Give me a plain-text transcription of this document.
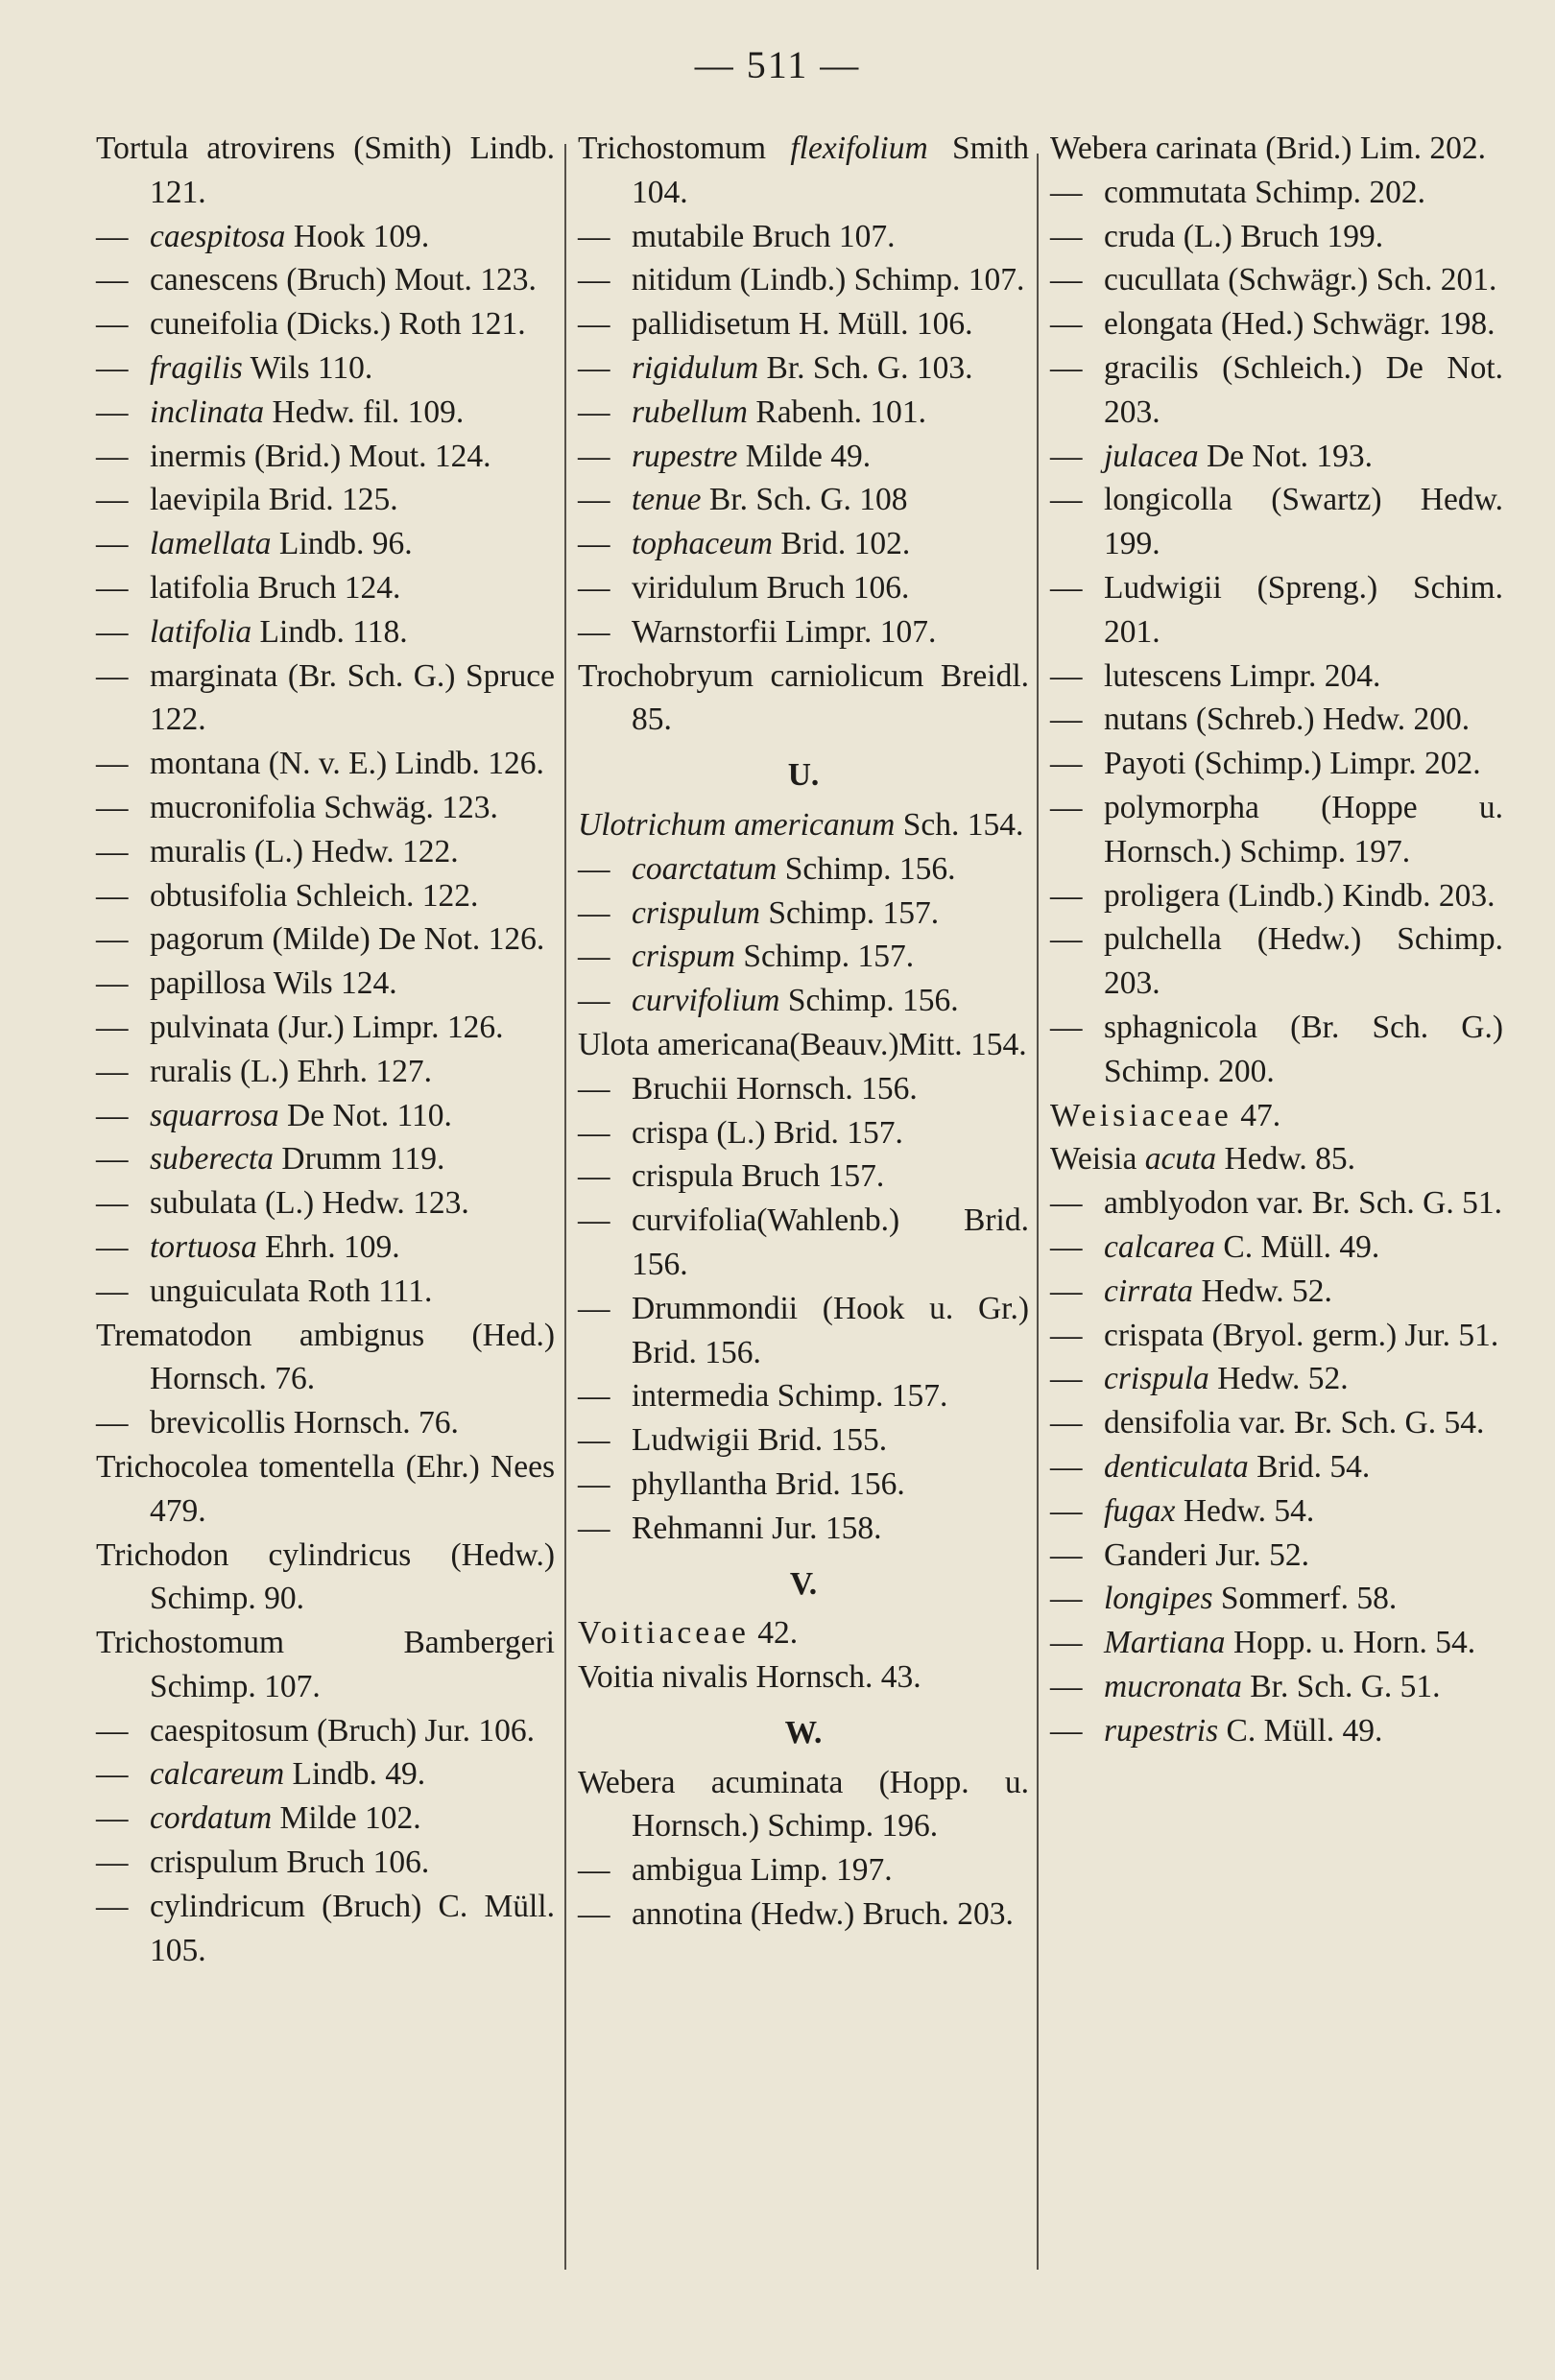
— 511 —
Tortula atrovirens (Smith) Lindb. 121.
— caespitosa Hook 109.
— canescens (Bruch) Mout. 123.
— cuneifolia (Dicks.) Roth 121.
— fragilis Wils 110.
— inclinata Hedw. fil. 109.
— inermis (Brid.) Mout. 124.
— laevipila Brid. 125.
— lamellata Lindb. 96.
— latifolia Bruch 124.
— latifolia Lindb. 118.
— marginata (Br. Sch. G.) Spruce 122.
— montana (N. v. E.) Lindb. 126.
— mucronifolia Schwäg. 123.
— muralis (L.) Hedw. 122.
— obtusifolia Schleich. 122.
— pagorum (Milde) De Not. 126.
— papillosa Wils 124.
— pulvinata (Jur.) Limpr. 126.
— ruralis (L.) Ehrh. 127.
— squarrosa De Not. 110.
— suberecta Drumm 119.
— subulata (L.) Hedw. 123.
— tortuosa Ehrh. 109.
— unguiculata Roth 111.
Trematodon ambignus (Hed.) Hornsch. 76.
— brevicollis Hornsch. 76.
Trichocolea tomentella (Ehr.) Nees 479.
Trichodon cylindricus (Hedw.) Schimp. 90.
Trichostomum Bambergeri Schimp. 107.
— caespitosum (Bruch) Jur. 106.
— calcareum Lindb. 49.
— cordatum Milde 102.
— crispulum Bruch 106.
— cylindricum (Bruch) C. Müll. 105.
Trichostomum flexifolium Smith 104.
— mutabile Bruch 107.
— nitidum (Lindb.) Schimp. 107.
— pallidisetum H. Müll. 106.
— rigidulum Br. Sch. G. 103.
— rubellum Rabenh. 101.
— rupestre Milde 49.
— tenue Br. Sch. G. 108
— tophaceum Brid. 102.
— viridulum Bruch 106.
— Warnstorfii Limpr. 107.
Trochobryum carniolicum Breidl. 85.
U.
Ulotrichum americanum Sch. 154.
— coarctatum Schimp. 156.
— crispulum Schimp. 157.
— crispum Schimp. 157.
— curvifolium Schimp. 156.
Ulota americana(Beauv.)Mitt. 154.
— Bruchii Hornsch. 156.
— crispa (L.) Brid. 157.
— crispula Bruch 157.
— curvifolia(Wahlenb.) Brid. 156.
— Drummondii (Hook u. Gr.) Brid. 156.
— intermedia Schimp. 157.
— Ludwigii Brid. 155.
— phyllantha Brid. 156.
— Rehmanni Jur. 158.
V.
Voitiaceae 42.
Voitia nivalis Hornsch. 43.
W.
Webera acuminata (Hopp. u. Hornsch.) Schimp. 196.
— ambigua Limp. 197.
— annotina (Hedw.) Bruch. 203.
Webera carinata (Brid.) Lim. 202.
— commutata Schimp. 202.
— cruda (L.) Bruch 199.
— cucullata (Schwägr.) Sch. 201.
— elongata (Hed.) Schwägr. 198.
— gracilis (Schleich.) De Not. 203.
— julacea De Not. 193.
— longicolla (Swartz) Hedw. 199.
— Ludwigii (Spreng.) Schim. 201.
— lutescens Limpr. 204.
— nutans (Schreb.) Hedw. 200.
— Payoti (Schimp.) Limpr. 202.
— polymorpha (Hoppe u. Hornsch.) Schimp. 197.
— proligera (Lindb.) Kindb. 203.
— pulchella (Hedw.) Schimp. 203.
— sphagnicola (Br. Sch. G.) Schimp. 200.
Weisiaceae 47.
Weisia acuta Hedw. 85.
— amblyodon var. Br. Sch. G. 51.
— calcarea C. Müll. 49.
— cirrata Hedw. 52.
— crispata (Bryol. germ.) Jur. 51.
— crispula Hedw. 52.
— densifolia var. Br. Sch. G. 54.
— denticulata Brid. 54.
— fugax Hedw. 54.
— Ganderi Jur. 52.
— longipes Sommerf. 58.
— Martiana Hopp. u. Horn. 54.
— mucronata Br. Sch. G. 51.
— rupestris C. Müll. 49.
